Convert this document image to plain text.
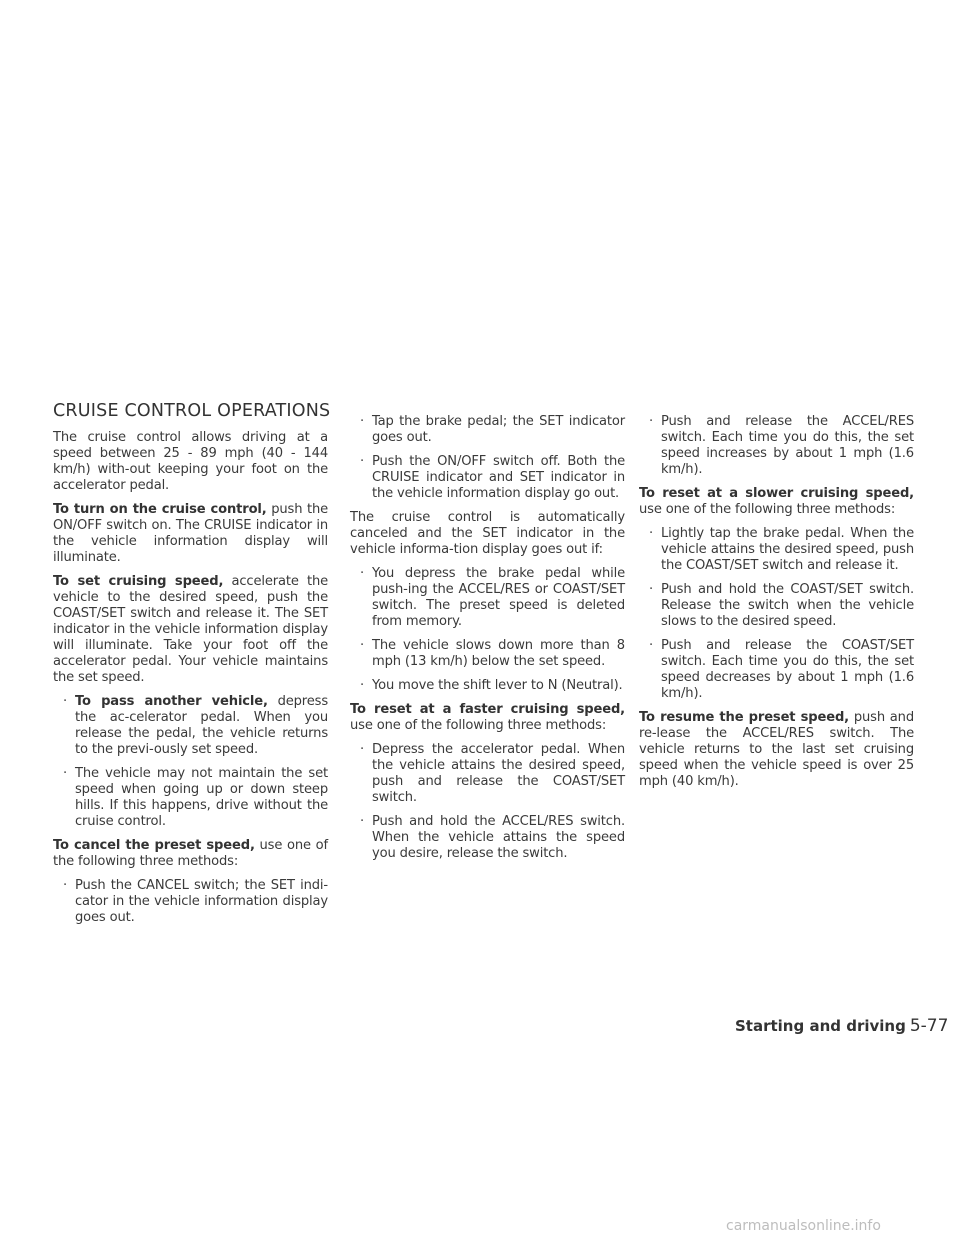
CRUISE CONTROL OPERATIONS

The cruise control allows driving at a speed between 25 - 89 mph (40 - 144 km/h) with-out keeping your foot on the accelerator pedal.

To turn on the cruise control, push the ON/OFF switch on. The CRUISE indicator in the vehicle information display will illuminate.

To set cruising speed, accelerate the vehicle to the desired speed, push the COAST/SET switch and release it. The SET indicator in the vehicle information display will illuminate. Take your foot off the accelerator pedal. Your vehicle maintains the set speed.

· To pass another vehicle, depress the ac-celerator pedal. When you release the pedal, the vehicle returns to the previ-ously set speed.
· The vehicle may not maintain the set speed when going up or down steep hills. If this happens, drive without the cruise control.

To cancel the preset speed, use one of the following three methods:

· Push the CANCEL switch; the SET indi-cator in the vehicle information display goes out.
· Tap the brake pedal; the SET indicator goes out.
· Push the ON/OFF switch off. Both the CRUISE indicator and SET indicator in the vehicle information display go out.

The cruise control is automatically canceled and the SET indicator in the vehicle informa-tion display goes out if:

· You depress the brake pedal while push-ing the ACCEL/RES or COAST/SET switch. The preset speed is deleted from memory.
· The vehicle slows down more than 8 mph (13 km/h) below the set speed.
· You move the shift lever to N (Neutral).

To reset at a faster cruising speed, use one of the following three methods:

· Depress the accelerator pedal. When the vehicle attains the desired speed, push and release the COAST/SET switch.
· Push and hold the ACCEL/RES switch. When the vehicle attains the speed you desire, release the switch.
· Push and release the ACCEL/RES switch. Each time you do this, the set speed increases by about 1 mph (1.6 km/h).

To reset at a slower cruising speed, use one of the following three methods:

· Lightly tap the brake pedal. When the vehicle attains the desired speed, push the COAST/SET switch and release it.
· Push and hold the COAST/SET switch. Release the switch when the vehicle slows to the desired speed.
· Push and release the COAST/SET switch. Each time you do this, the set speed decreases by about 1 mph (1.6 km/h).

To resume the preset speed, push and re-lease the ACCEL/RES switch. The vehicle returns to the last set cruising speed when the vehicle speed is over 25 mph (40 km/h).

Starting and driving 5-77
carmanualsonline.info
